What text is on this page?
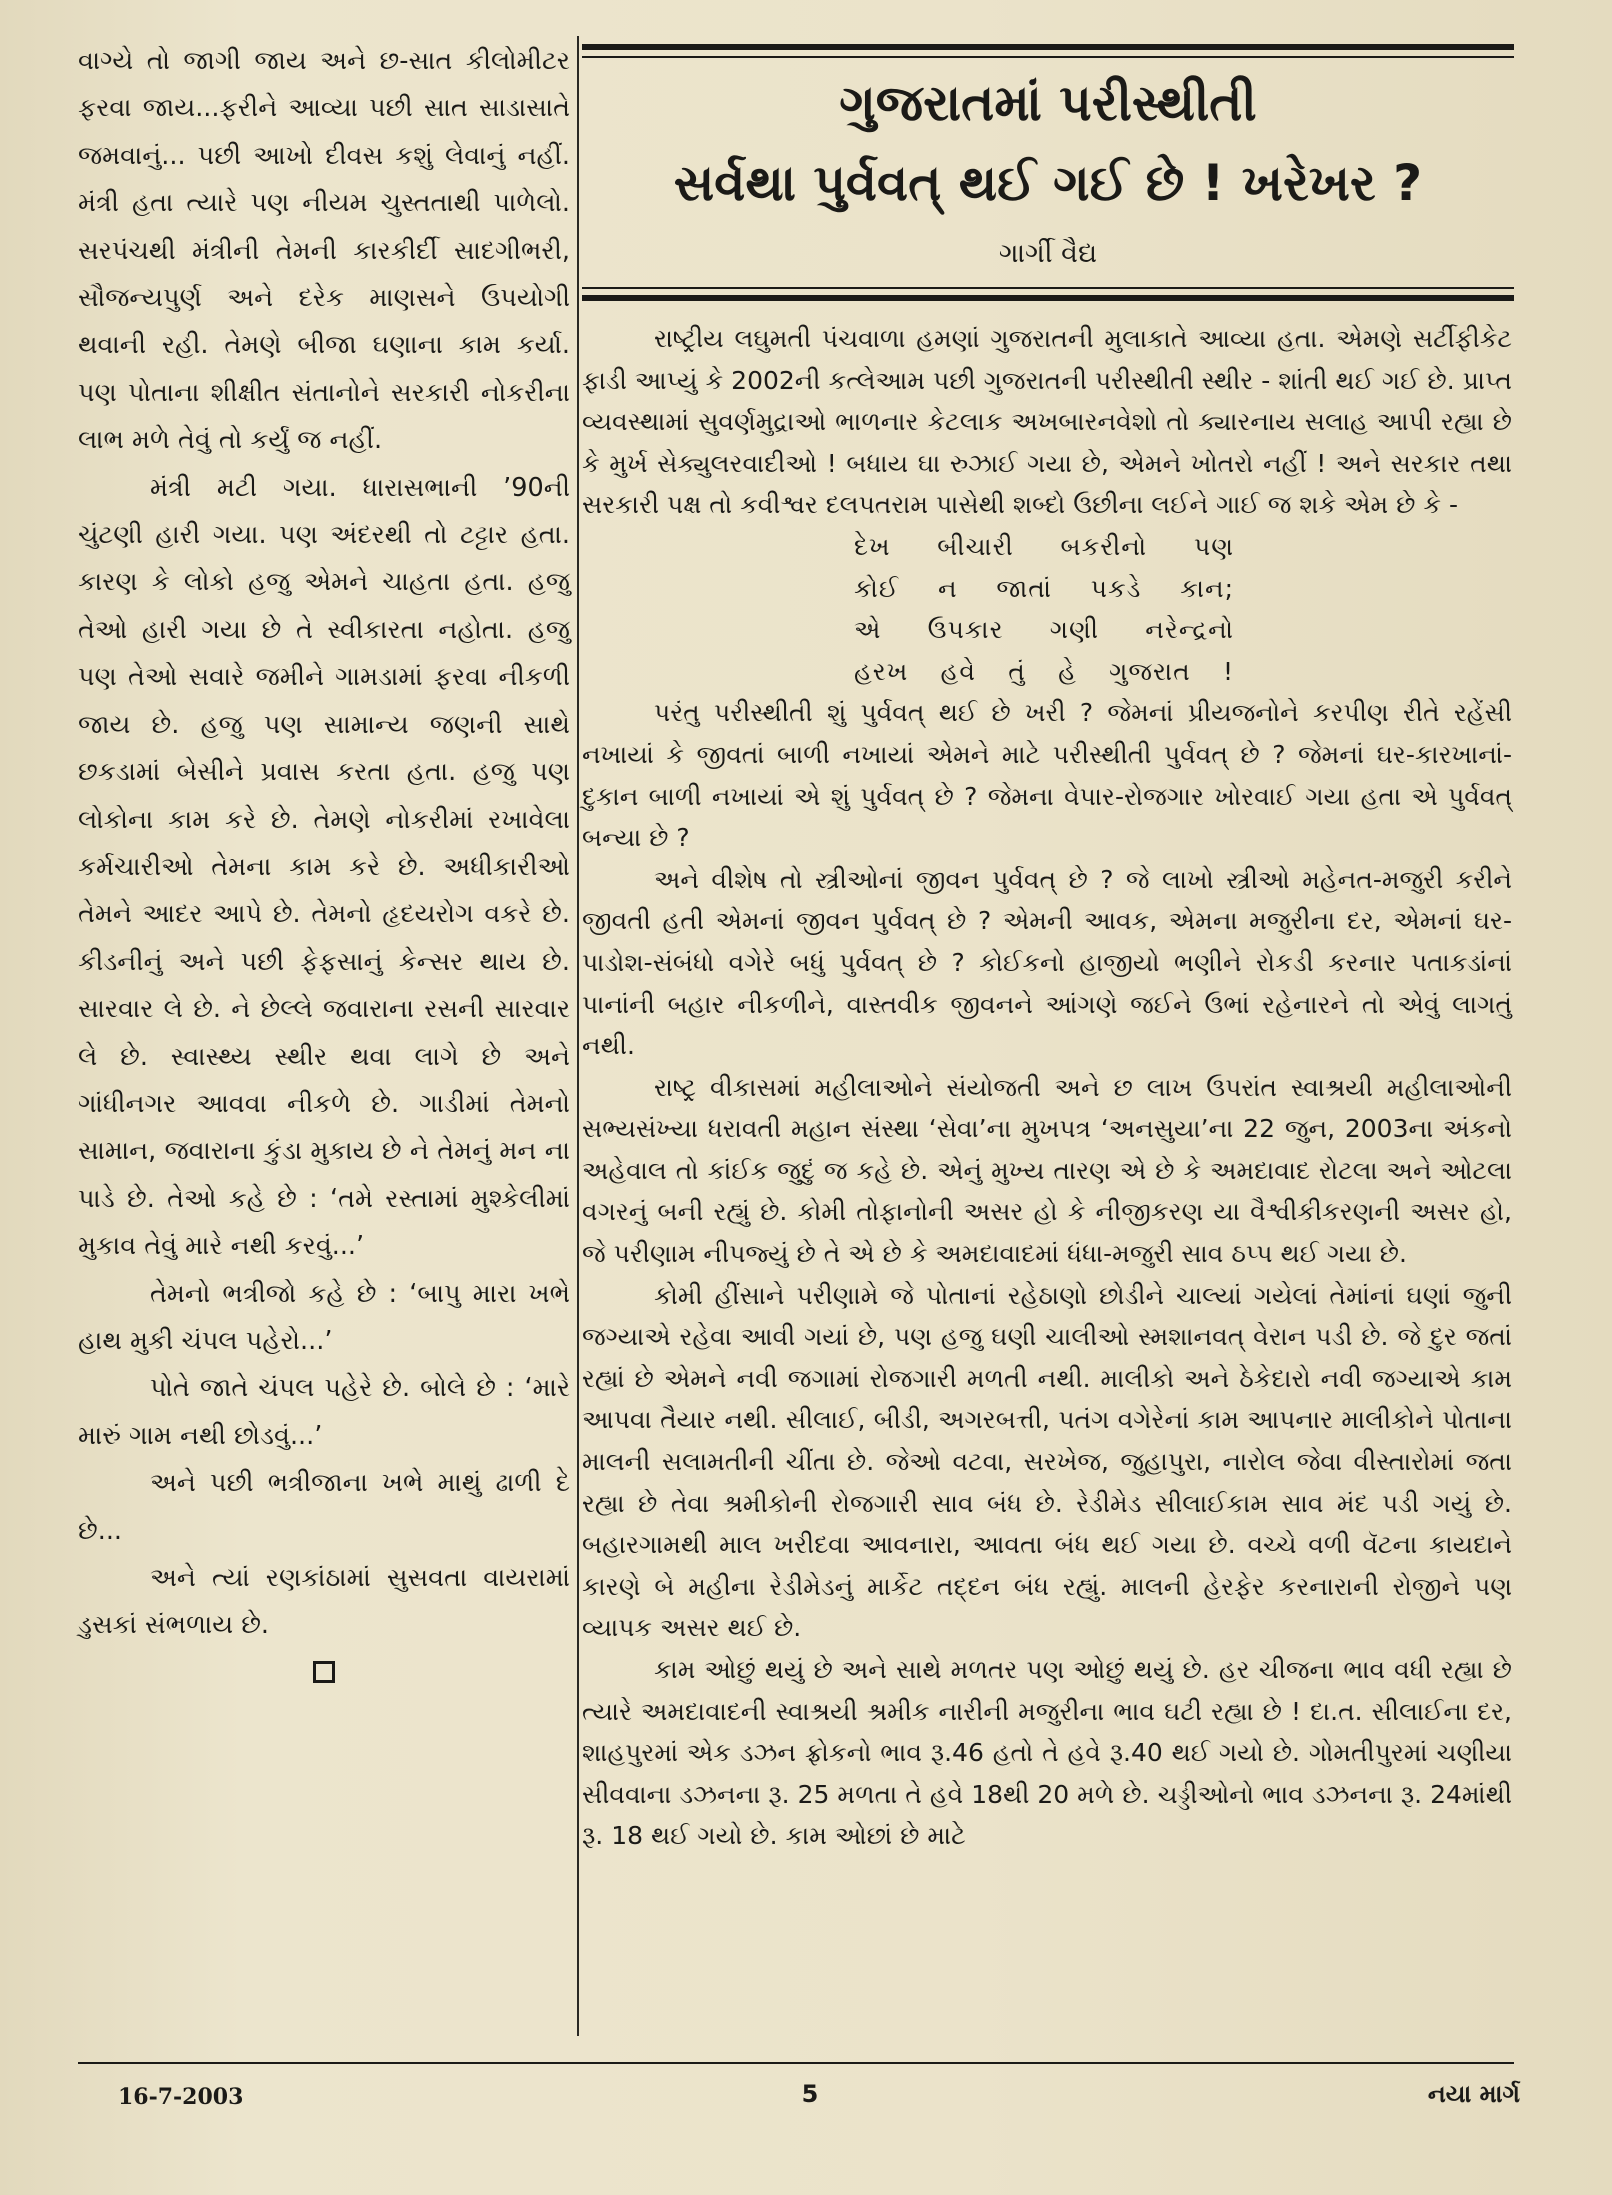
વાગ્યે તો જાગી જાય અને છ-સાત કીલોમીટર ફરવા જાય...ફરીને આવ્યા પછી સાત સાડાસાતે જમવાનું... પછી આખો દીવસ કશું લેવાનું નહીં. મંત્રી હતા ત્યારે પણ નીયમ ચુસ્તતાથી પાળેલો. સરપંચથી મંત્રીની તેમની કારકીર્દી સાદગીભરી, સૌજન્યપુર્ણ અને દરેક માણસને ઉપયોગી થવાની રહી. તેમણે બીજા ઘણાના કામ કર્યા. પણ પોતાના શીક્ષીત સંતાનોને સરકારી નોકરીના લાભ મળે તેવું તો કર્યું જ નહીં.

મંત્રી મટી ગયા. ધારાસભાની ’90ની ચુંટણી હારી ગયા. પણ અંદરથી તો ટટ્ટાર હતા. કારણ કે લોકો હજુ એમને ચાહતા હતા. હજુ તેઓ હારી ગયા છે તે સ્વીકારતા નહોતા. હજુ પણ તેઓ સવારે જમીને ગામડામાં ફરવા નીકળી જાય છે. હજુ પણ સામાન્ય જણની સાથે છકડામાં બેસીને પ્રવાસ કરતા હતા. હજુ પણ લોકોના કામ કરે છે. તેમણે નોકરીમાં રખાવેલા કર્મચારીઓ તેમના કામ કરે છે. અધીકારીઓ તેમને આદર આપે છે. તેમનો હૃદયરોગ વકરે છે. કીડનીનું અને પછી ફેફસાનું કેન્સર થાય છે. સારવાર લે છે. ને છેલ્લે જવારાના રસની સારવાર લે છે. સ્વાસ્થ્ય સ્થીર થવા લાગે છે અને ગાંધીનગર આવવા નીકળે છે. ગાડીમાં તેમનો સામાન, જવારાના કુંડા મુકાય છે ને તેમનું મન ના પાડે છે. તેઓ કહે છે : ‘તમે રસ્તામાં મુશ્કેલીમાં મુકાવ તેવું મારે નથી કરવું...’

તેમનો ભત્રીજો કહે છે : ‘બાપુ મારા ખભે હાથ મુકી ચંપલ પહેરો...’

પોતે જાતે ચંપલ પહેરે છે. બોલે છે : ‘મારે મારું ગામ નથી છોડવું...’

અને પછી ભત્રીજાના ખભે માથું ઢાળી દે છે...

અને ત્યાં રણકાંઠામાં સુસવતા વાયરામાં ડુસકાં સંભળાય છે.

ગુજરાતમાં પરીસ્થીતી
સર્વથા પુર્વવત્ થઈ ગઈ છે ! ખરેખર ?
ગાર્ગી વૈદ્ય

રાષ્ટ્રીય લઘુમતી પંચવાળા હમણાં ગુજરાતની મુલાકાતે આવ્યા હતા. એમણે સર્ટીફીકેટ ફાડી આપ્યું કે 2002ની કત્લેઆમ પછી ગુજરાતની પરીસ્થીતી સ્થીર - શાંતી થઈ ગઈ છે. પ્રાપ્ત વ્યવસ્થામાં સુવર્ણમુદ્રાઓ ભાળનાર કેટલાક અખબારનવેશો તો ક્યારનાય સલાહ આપી રહ્યા છે કે મુર્ખ સેક્યુલરવાદીઓ ! બધાય ઘા રુઝાઈ ગયા છે, એમને ખોતરો નહીં ! અને સરકાર તથા સરકારી પક્ષ તો કવીશ્વર દલપતરામ પાસેથી શબ્દો ઉછીના લઈને ગાઈ જ શકે એમ છે કે -

દેખ બીચારી બકરીનો પણ
કોઈ ન જાતાં પકડે કાન;
એ ઉપકાર ગણી નરેન્દ્રનો
હરખ હવે તું હે ગુજરાત !

પરંતુ પરીસ્થીતી શું પુર્વવત્ થઈ છે ખરી ? જેમનાં પ્રીયજનોને કરપીણ રીતે રહેંસી નખાયાં કે જીવતાં બાળી નખાયાં એમને માટે પરીસ્થીતી પુર્વવત્ છે ? જેમનાં ઘર-કારખાનાં-દુકાન બાળી નખાયાં એ શું પુર્વવત્ છે ? જેમના વેપાર-રોજગાર ખોરવાઈ ગયા હતા એ પુર્વવત્ બન્યા છે ?

અને વીશેષ તો સ્ત્રીઓનાં જીવન પુર્વવત્ છે ? જે લાખો સ્ત્રીઓ મહેનત-મજુરી કરીને જીવતી હતી એમનાં જીવન પુર્વવત્ છે ? એમની આવક, એમના મજુરીના દર, એમનાં ઘર-પાડોશ-સંબંધો વગેરે બધું પુર્વવત્ છે ? કોઈકનો હાજીયો ભણીને રોકડી કરનાર પતાકડાંનાં પાનાંની બહાર નીકળીને, વાસ્તવીક જીવનને આંગણે જઈને ઉભાં રહેનારને તો એવું લાગતું નથી.

રાષ્ટ્ર વીકાસમાં મહીલાઓને સંયોજતી અને છ લાખ ઉપરાંત સ્વાશ્રયી મહીલાઓની સભ્યસંખ્યા ધરાવતી મહાન સંસ્થા ‘સેવા’ના મુખપત્ર ‘અનસુયા’ના 22 જુન, 2003ના અંકનો અહેવાલ તો કાંઈક જુદું જ કહે છે. એનું મુખ્ય તારણ એ છે કે અમદાવાદ રોટલા અને ઓટલા વગરનું બની રહ્યું છે. કોમી તોફાનોની અસર હો કે નીજીકરણ યા વૈશ્વીકીકરણની અસર હો, જે પરીણામ નીપજ્યું છે તે એ છે કે અમદાવાદમાં ધંધા-મજુરી સાવ ઠપ્પ થઈ ગયા છે.

કોમી હીંસાને પરીણામે જે પોતાનાં રહેઠાણો છોડીને ચાલ્યાં ગયેલાં તેમાંનાં ઘણાં જુની જગ્યાએ રહેવા આવી ગયાં છે, પણ હજુ ઘણી ચાલીઓ સ્મશાનવત્ વેરાન પડી છે. જે દુર જતાં રહ્યાં છે એમને નવી જગામાં રોજગારી મળતી નથી. માલીકો અને ઠેકેદારો નવી જગ્યાએ કામ આપવા તૈયાર નથી. સીલાઈ, બીડી, અગરબત્તી, પતંગ વગેરેનાં કામ આપનાર માલીકોને પોતાના માલની સલામતીની ચીંતા છે. જેઓ વટવા, સરખેજ, જુહાપુરા, નારોલ જેવા વીસ્તારોમાં જતા રહ્યા છે તેવા શ્રમીકોની રોજગારી સાવ બંધ છે. રેડીમેડ સીલાઈકામ સાવ મંદ પડી ગયું છે. બહારગામથી માલ ખરીદવા આવનારા, આવતા બંધ થઈ ગયા છે. વચ્ચે વળી વૅટના કાયદાને કારણે બે મહીના રેડીમેડનું માર્કેટ તદ્દન બંધ રહ્યું. માલની હેરફેર કરનારાની રોજીને પણ વ્યાપક અસર થઈ છે.

કામ ઓછું થયું છે અને સાથે મળતર પણ ઓછું થયું છે. હર ચીજના ભાવ વધી રહ્યા છે ત્યારે અમદાવાદની સ્વાશ્રયી શ્રમીક નારીની મજુરીના ભાવ ઘટી રહ્યા છે ! દા.ત. સીલાઈના દર, શાહપુરમાં એક ડઝન ફ્રોકનો ભાવ રૂ.46 હતો તે હવે રૂ.40 થઈ ગયો છે. ગોમતીપુરમાં ચણીયા સીવવાના ડઝનના રૂ. 25 મળતા તે હવે 18થી 20 મળે છે. ચડ્ડીઓનો ભાવ ડઝનના રૂ. 24માંથી રૂ. 18 થઈ ગયો છે. કામ ઓછાં છે માટે

16-7-2003	5	નયા માર્ગ
